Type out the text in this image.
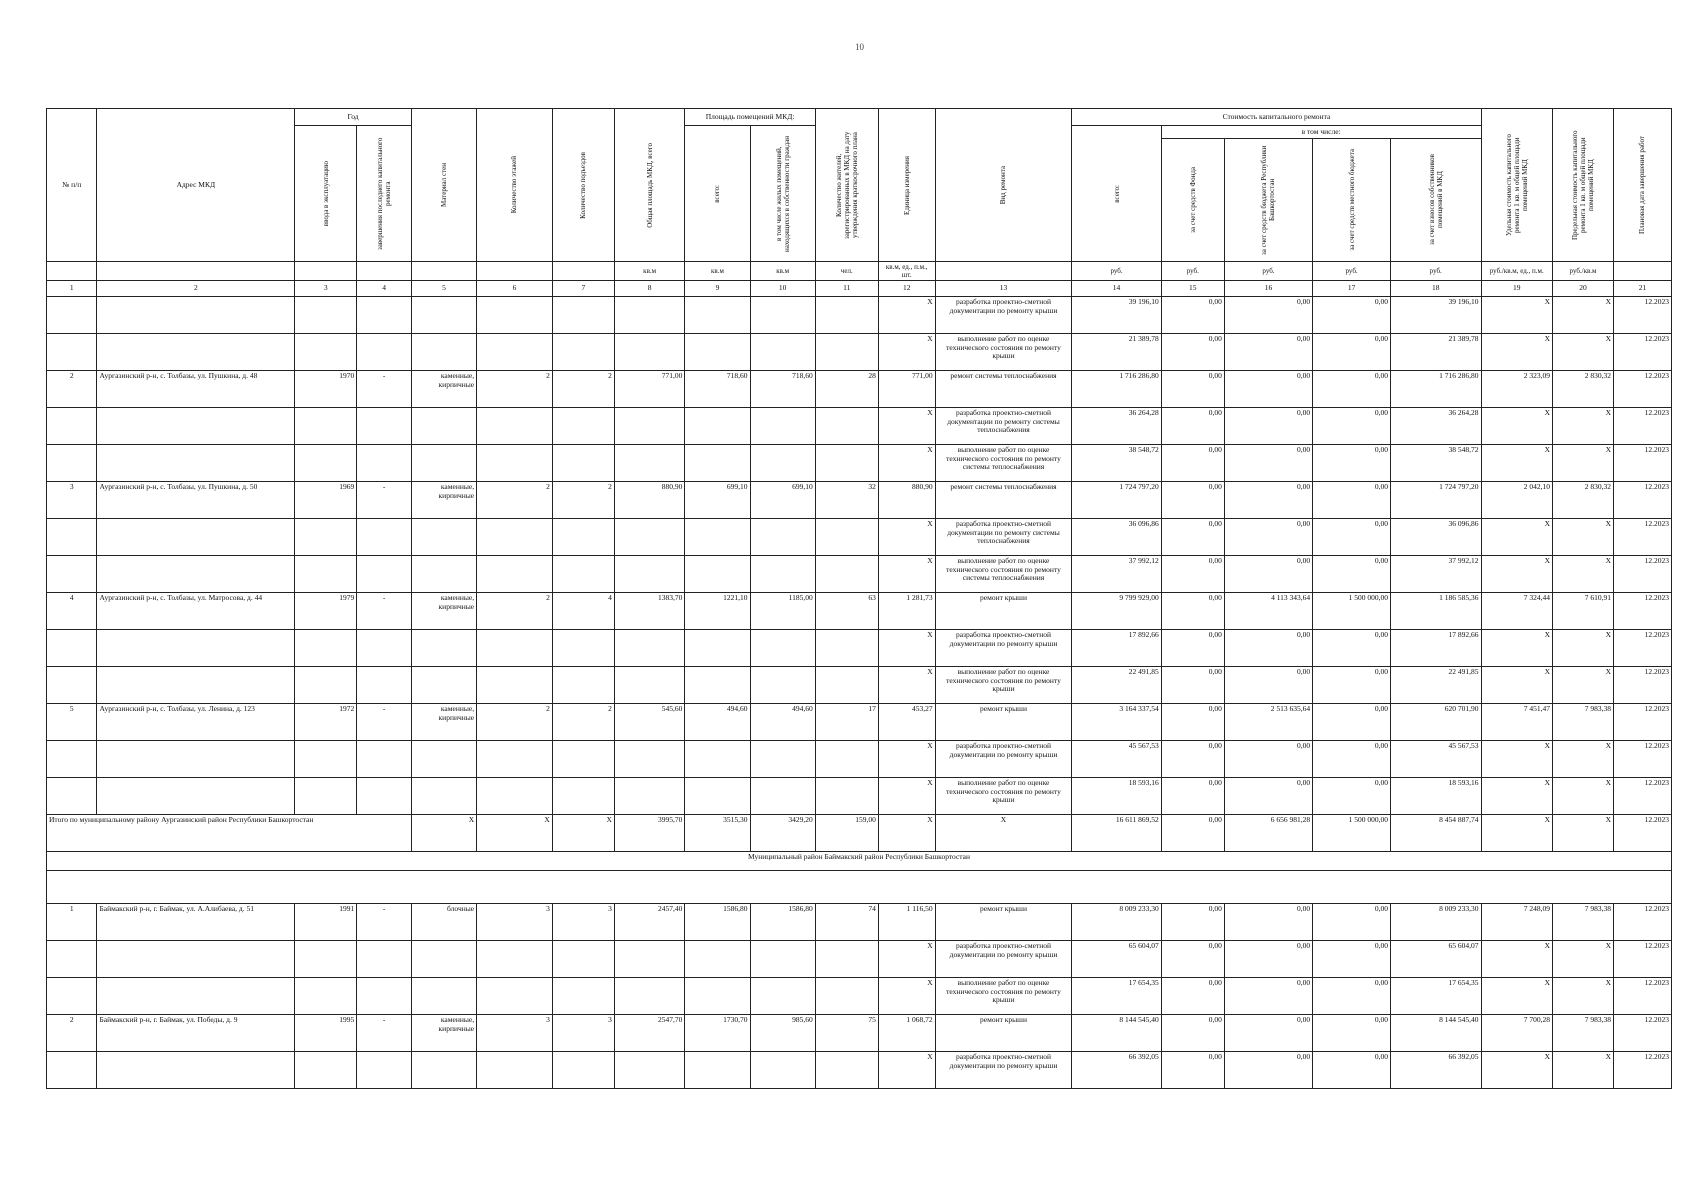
10
№ п/п	Адрес МКД	Год		Материал стен	Количество этажей	Количество подъездов	Общая площадь МКД, всего	Площадь помещений МКД:		Количество жителей, зарегистрированных в МКД на дату утверждения краткосрочного плана	Единица измерения	Вид ремонта	Стоимость капитального ремонта					Удельная стоимость капитального ремонта 1 кв. м общей площади помещений МКД	Предельная стоимость капитального ремонта 1 кв. м общей площади помещений МКД	Плановая дата завершения работ

		ввода в эксплуатацию	завершения последнего капитального ремонта					всего:	в том числе жилых помещений, находящихся в собственности граждан				всего:	в том числе:						

														за счет средств Фонда	за счет средств бюджета Республики Башкортостан	за счет средств местного бюджета	за счет взносов собственников помещений в МКД			

							кв.м	кв.м	кв.м	чел.	кв.м, ед., п.м., шт.		руб.	руб.	руб.	руб.	руб.	руб./кв.м, ед., п.м.	руб./кв.м	
1	2	3	4	5	6	7	8	9	10	11	12	13	14	15	16	17	18	19	20	21
											X	разработка проектно-сметной документации по ремонту крыши	39 196,10	0,00	0,00	0,00	39 196,10	X	X	12.2023
											X	выполнение работ по оценке технического состояния по ремонту крыши	21 389,78	0,00	0,00	0,00	21 389,78	X	X	12.2023
2	Аургазинский р-н, с. Толбазы, ул. Пушкина, д. 48	1970	-	каменные, кирпичные	2	2	771,00	718,60	718,60	28	771,00	ремонт системы теплоснабжения	1 716 286,80	0,00	0,00	0,00	1 716 286,80	2 323,09	2 830,32	12.2023
											X	разработка проектно-сметной документации по ремонту системы теплоснабжения	36 264,28	0,00	0,00	0,00	36 264,28	X	X	12.2023
											X	выполнение работ по оценке технического состояния по ремонту системы теплоснабжения	38 548,72	0,00	0,00	0,00	38 548,72	X	X	12.2023
3	Аургазинский р-н, с. Толбазы, ул. Пушкина, д. 50	1969	-	каменные, кирпичные	2	2	880,90	699,10	699,10	32	880,90	ремонт системы теплоснабжения	1 724 797,20	0,00	0,00	0,00	1 724 797,20	2 042,10	2 830,32	12.2023
											X	разработка проектно-сметной документации по ремонту системы теплоснабжения	36 096,86	0,00	0,00	0,00	36 096,86	X	X	12.2023
											X	выполнение работ по оценке технического состояния по ремонту системы теплоснабжения	37 992,12	0,00	0,00	0,00	37 992,12	X	X	12.2023
4	Аургазинский р-н, с. Толбазы, ул. Матросова, д. 44	1979	-	каменные, кирпичные	2	4	1383,70	1221,10	1185,00	63	1 281,73	ремонт крыши	9 799 929,00	0,00	4 113 343,64	1 500 000,00	1 186 585,36	7 324,44	7 610,91	12.2023
											X	разработка проектно-сметной документации по ремонту крыши	17 892,66	0,00	0,00	0,00	17 892,66	X	X	12.2023
											X	выполнение работ по оценке технического состояния по ремонту крыши	22 491,85	0,00	0,00	0,00	22 491,85	X	X	12.2023
5	Аургазинский р-н, с. Толбазы, ул. Ленина, д. 123	1972	-	каменные, кирпичные	2	2	545,60	494,60	494,60	17	453,27	ремонт крыши	3 164 337,54	0,00	2 513 635,64	0,00	620 701,90	7 451,47	7 983,38	12.2023
											X	разработка проектно-сметной документации по ремонту крыши	45 567,53	0,00	0,00	0,00	45 567,53	X	X	12.2023
											X	выполнение работ по оценке технического состояния по ремонту крыши	18 593,16	0,00	0,00	0,00	18 593,16	X	X	12.2023
Итого по муниципальному району Аургазинский район Республики Башкортостан				X	X	X	3995,70	3515,30	3429,20	159,00	X	X	16 611 869,52	0,00	6 656 981,28	1 500 000,00	8 454 887,74	X	X	12.2023
Муниципальный район Баймакский район Республики Башкортостан																				

1	Баймакский р-н, г. Баймак, ул. А.Алибаева, д. 51	1991	-	блочные	3	3	2457,40	1586,80	1586,80	74	1 116,50	ремонт крыши	8 009 233,30	0,00	0,00	0,00	8 009 233,30	7 248,09	7 983,38	12.2023
											X	разработка проектно-сметной документации по ремонту крыши	65 604,07	0,00	0,00	0,00	65 604,07	X	X	12.2023
											X	выполнение работ по оценке технического состояния по ремонту крыши	17 654,35	0,00	0,00	0,00	17 654,35	X	X	12.2023
2	Баймакский р-н, г. Баймак, ул. Победы, д. 9	1995	-	каменные, кирпичные	3	3	2547,70	1730,70	985,60	75	1 068,72	ремонт крыши	8 144 545,40	0,00	0,00	0,00	8 144 545,40	7 700,28	7 983,38	12.2023
											X	разработка проектно-сметной документации по ремонту крыши	66 392,05	0,00	0,00	0,00	66 392,05	X	X	12.2023
